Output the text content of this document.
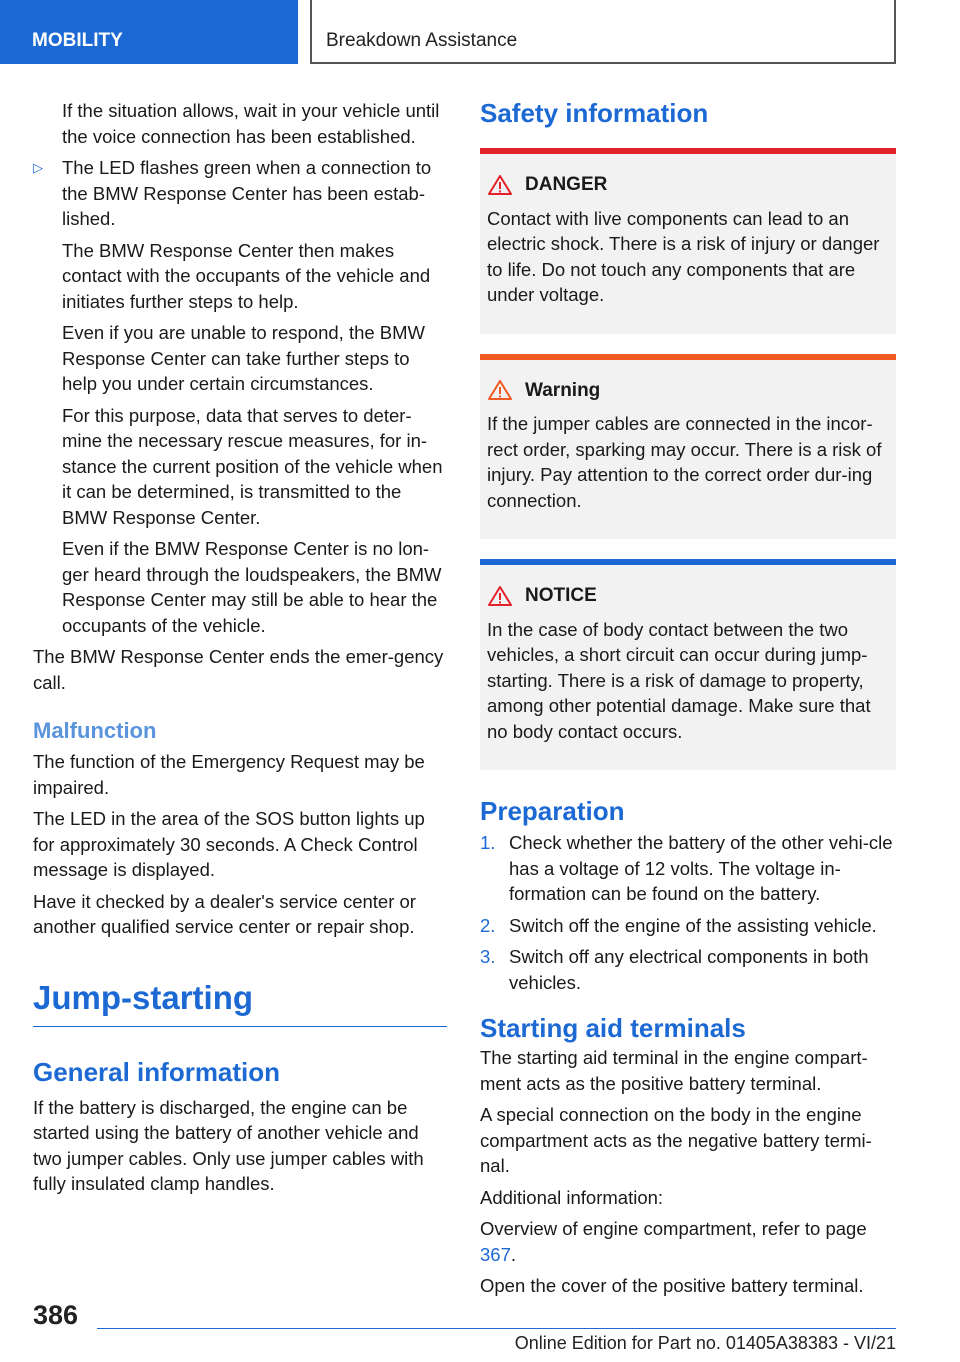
MOBILITY	Breakdown Assistance

If the situation allows, wait in your vehicle until the voice connection has been established.

▷ The LED flashes green when a connection to the BMW Response Center has been estab‐lished.

The BMW Response Center then makes contact with the occupants of the vehicle and initiates further steps to help.

Even if you are unable to respond, the BMW Response Center can take further steps to help you under certain circumstances.

For this purpose, data that serves to deter‐mine the necessary rescue measures, for in‐stance the current position of the vehicle when it can be determined, is transmitted to the BMW Response Center.

Even if the BMW Response Center is no lon‐ger heard through the loudspeakers, the BMW Response Center may still be able to hear the occupants of the vehicle.

The BMW Response Center ends the emer‐gency call.

Malfunction

The function of the Emergency Request may be impaired.

The LED in the area of the SOS button lights up for approximately 30 seconds. A Check Control message is displayed.

Have it checked by a dealer's service center or another qualified service center or repair shop.

Jump-starting
General information

If the battery is discharged, the engine can be started using the battery of another vehicle and two jumper cables. Only use jumper cables with fully insulated clamp handles.

Safety information
DANGER

Contact with live components can lead to an electric shock. There is a risk of injury or danger to life. Do not touch any components that are under voltage.

Warning

If the jumper cables are connected in the incor‐rect order, sparking may occur. There is a risk of injury. Pay attention to the correct order dur‐ing connection.

NOTICE

In the case of body contact between the two vehicles, a short circuit can occur during jump-starting. There is a risk of damage to property, among other potential damage. Make sure that no body contact occurs.

Preparation
1. Check whether the battery of the other vehi‐cle has a voltage of 12 volts. The voltage in‐formation can be found on the battery.
2. Switch off the engine of the assisting vehicle.
3. Switch off any electrical components in both vehicles.
Starting aid terminals

The starting aid terminal in the engine compart‐ment acts as the positive battery terminal.

A special connection on the body in the engine compartment acts as the negative battery termi‐nal.

Additional information:

Overview of engine compartment, refer to page 367.

Open the cover of the positive battery terminal.

386
Online Edition for Part no. 01405A38383 - VI/21
